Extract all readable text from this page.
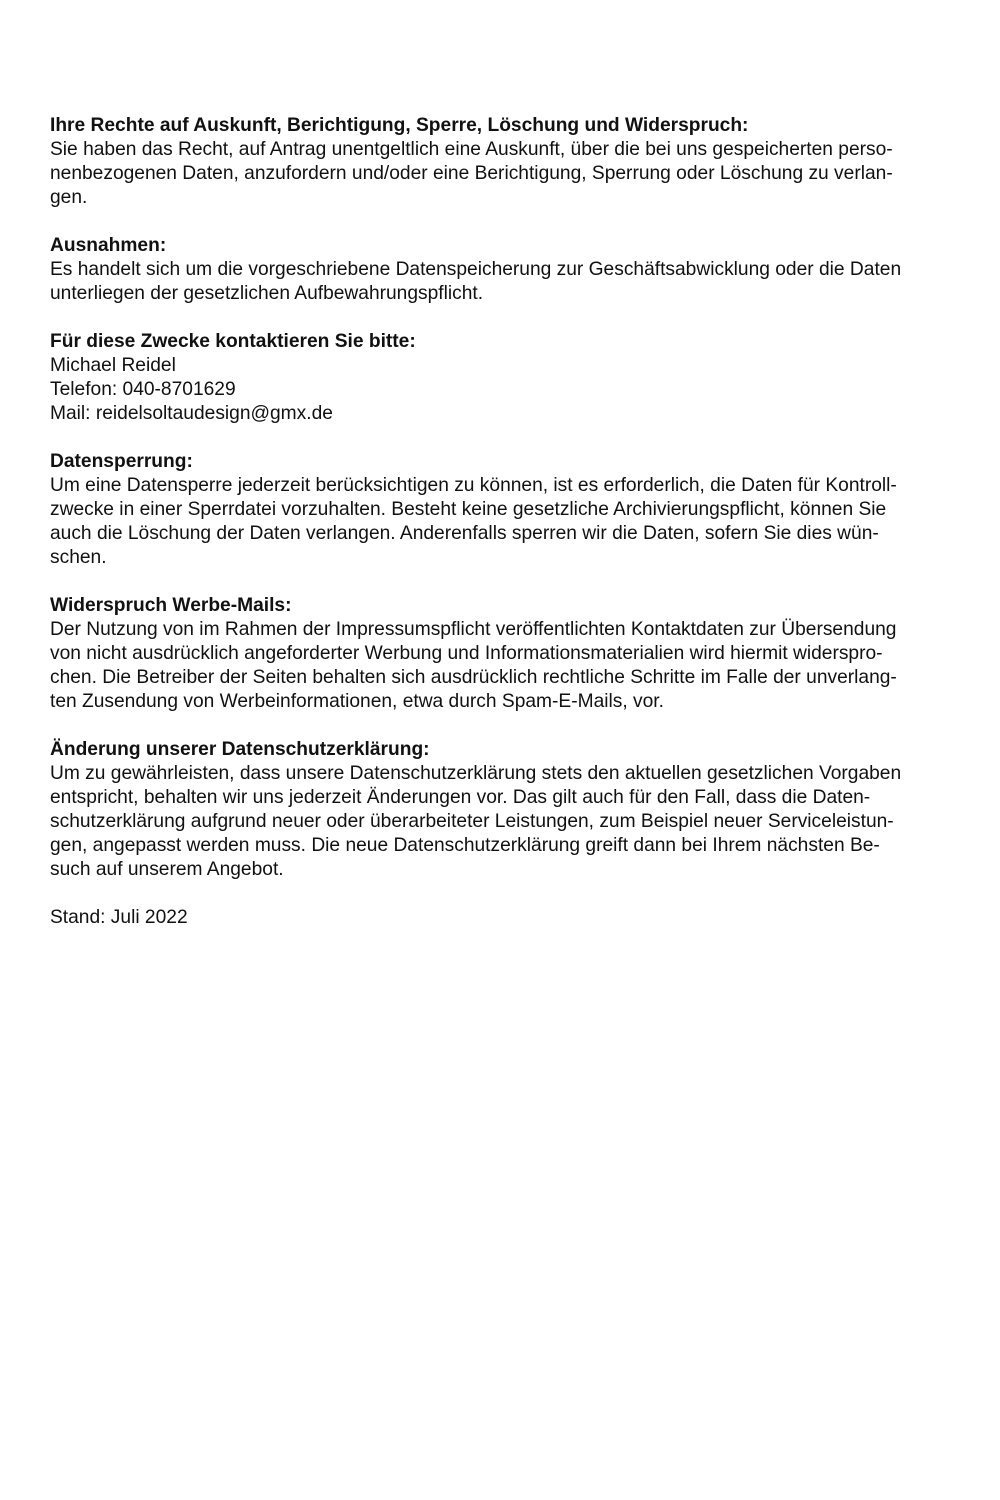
Ihre Rechte auf Auskunft, Berichtigung, Sperre, Löschung und Widerspruch:
Sie haben das Recht, auf Antrag unentgeltlich eine Auskunft, über die bei uns gespeicherten perso-
nenbezogenen Daten, anzufordern und/oder eine Berichtigung, Sperrung oder Löschung zu verlan-
gen.
Ausnahmen:
Es handelt sich um die vorgeschriebene Datenspeicherung zur Geschäftsabwicklung oder die Daten
unterliegen der gesetzlichen Aufbewahrungspflicht.
Für diese Zwecke kontaktieren Sie bitte:
Michael Reidel
Telefon: 040-8701629
Mail: reidelsoltaudesign@gmx.de
Datensperrung:
Um eine Datensperre jederzeit berücksichtigen zu können, ist es erforderlich, die Daten für Kontroll-
zwecke in einer Sperrdatei vorzuhalten. Besteht keine gesetzliche Archivierungspflicht, können Sie
auch die Löschung der Daten verlangen. Anderenfalls sperren wir die Daten, sofern Sie dies wün-
schen.
Widerspruch Werbe-Mails:
Der Nutzung von im Rahmen der Impressumspflicht veröffentlichten Kontaktdaten zur Übersendung
von nicht ausdrücklich angeforderter Werbung und Informationsmaterialien wird hiermit widerspro-
chen. Die Betreiber der Seiten behalten sich ausdrücklich rechtliche Schritte im Falle der unverlang-
ten Zusendung von Werbeinformationen, etwa durch Spam-E-Mails, vor.
Änderung unserer Datenschutzerklärung:
Um zu gewährleisten, dass unsere Datenschutzerklärung stets den aktuellen gesetzlichen Vorgaben
entspricht, behalten wir uns jederzeit Änderungen vor. Das gilt auch für den Fall, dass die Daten-
schutzerklärung aufgrund neuer oder überarbeiteter Leistungen, zum Beispiel neuer Serviceleistun-
gen, angepasst werden muss. Die neue Datenschutzerklärung greift dann bei Ihrem nächsten Be-
such auf unserem Angebot.
Stand: Juli 2022
